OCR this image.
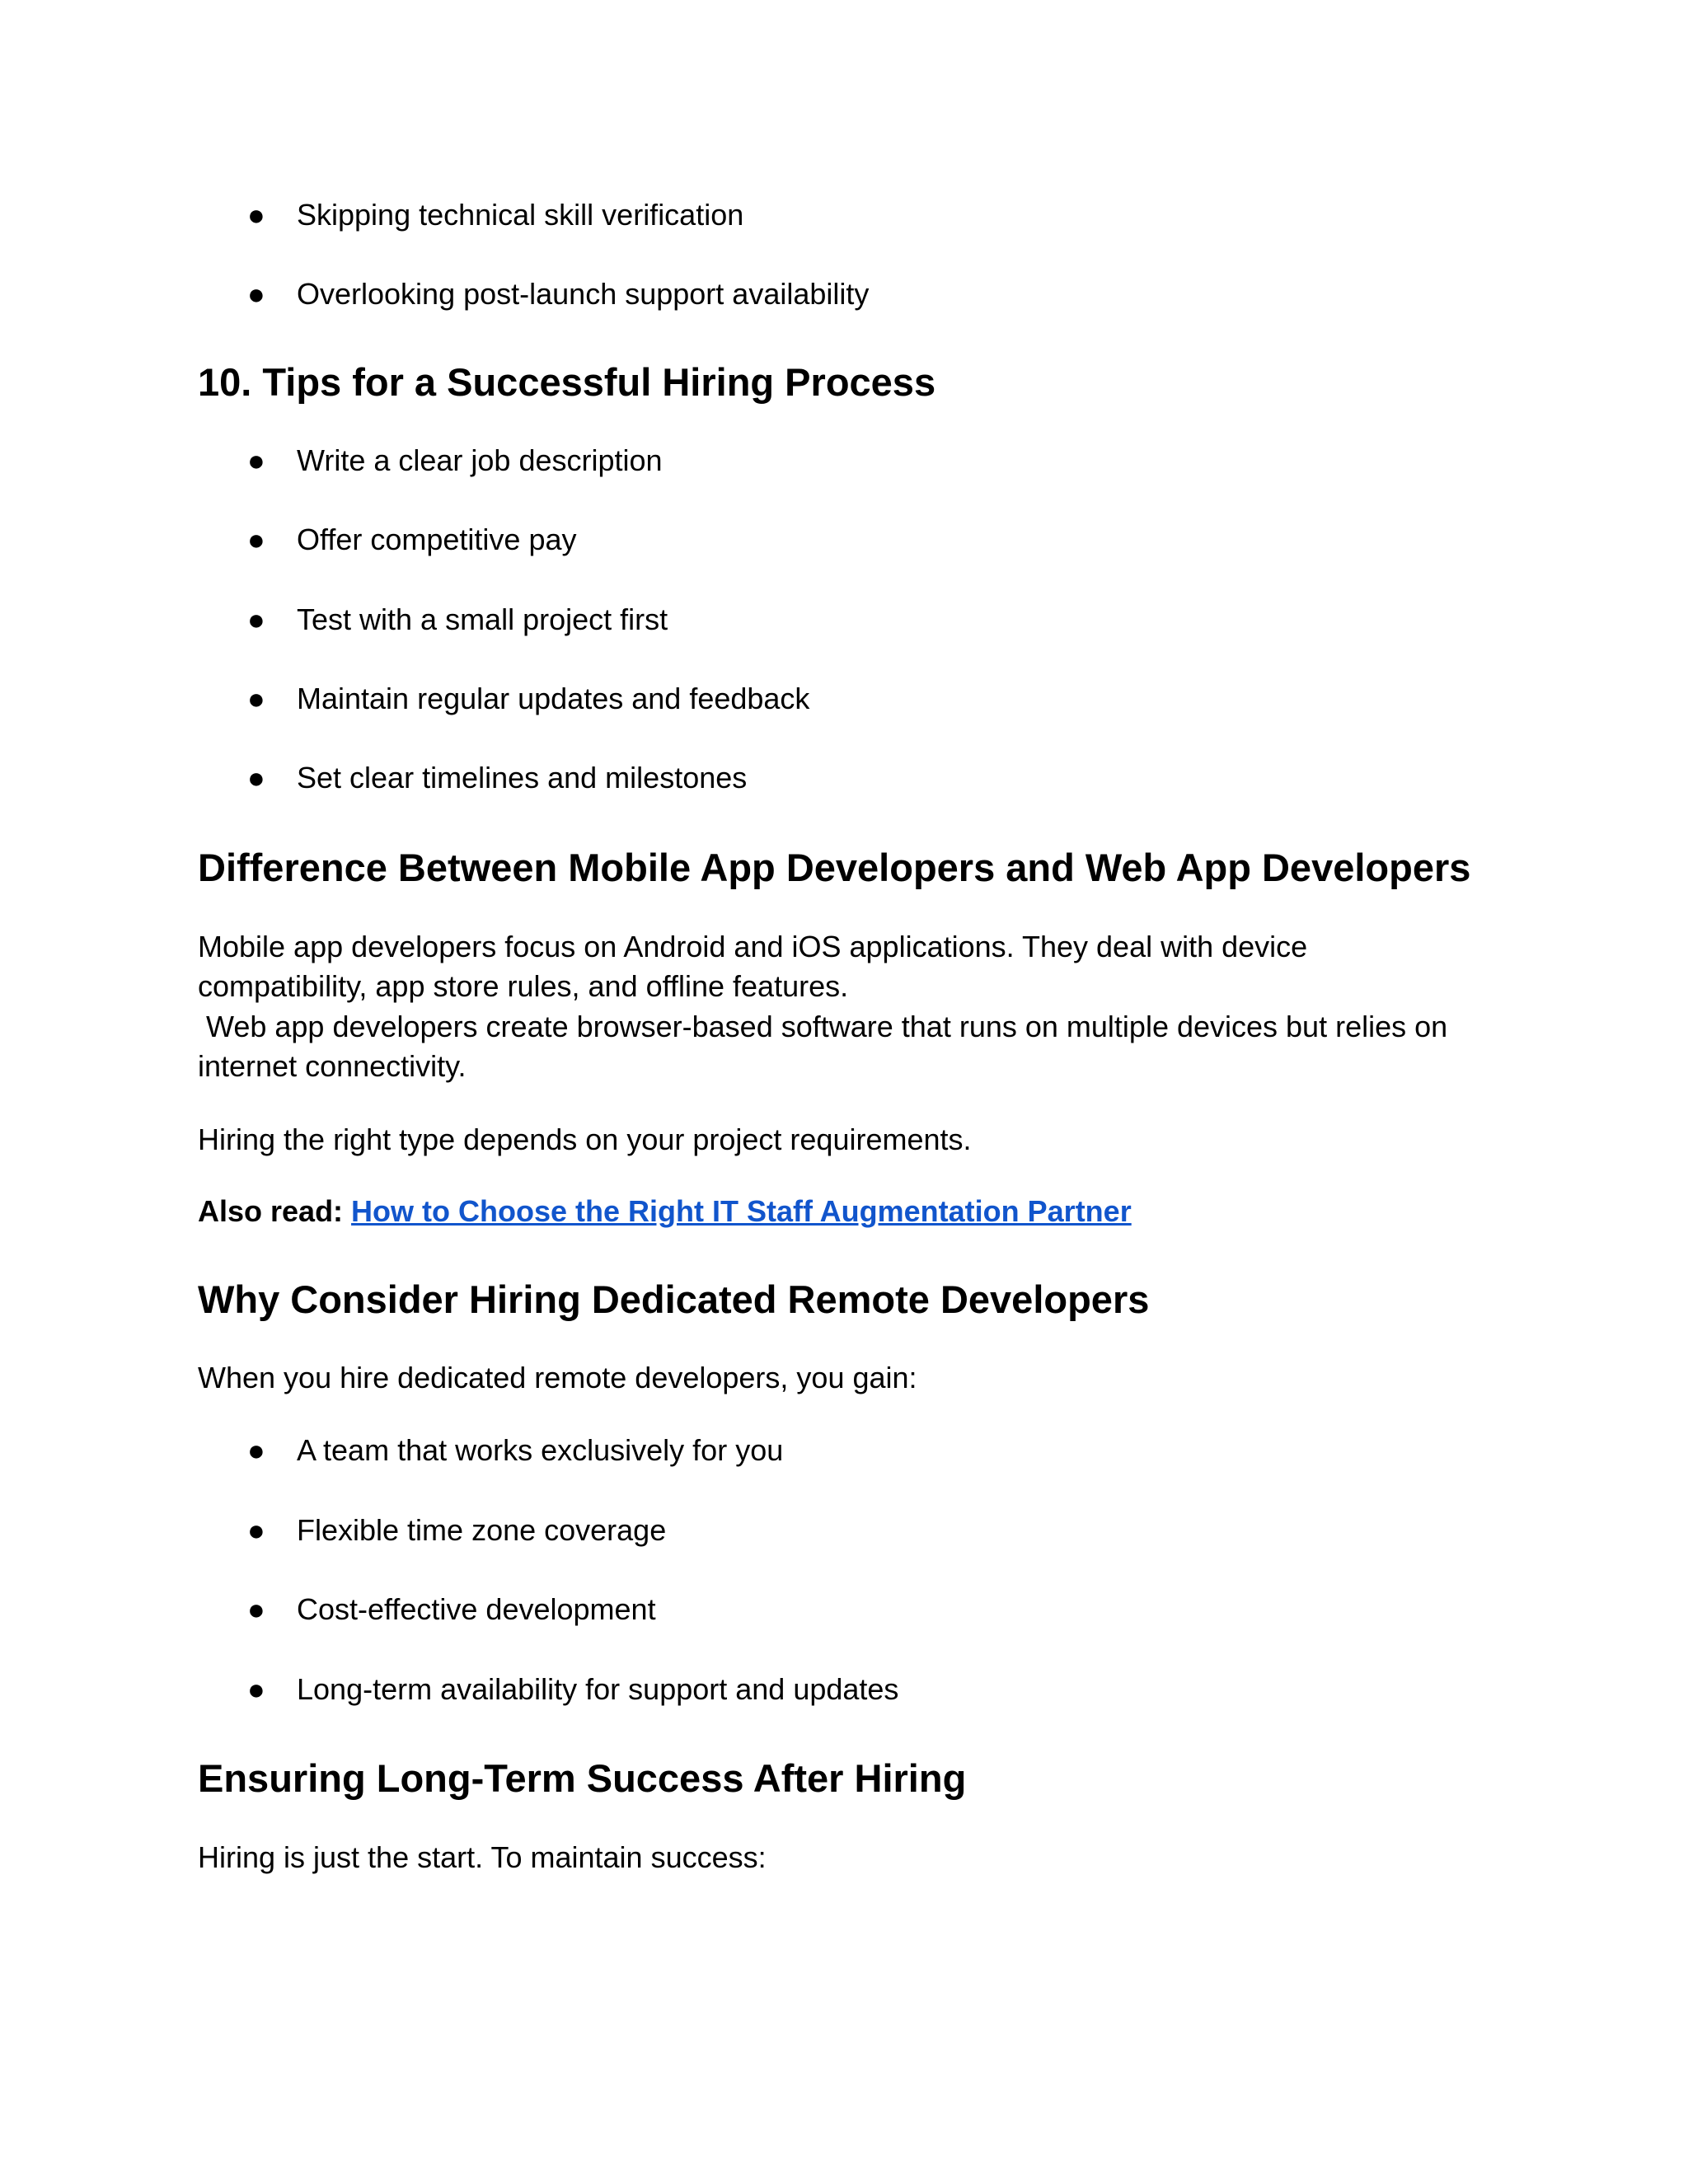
● Skipping technical skill verification
● Overlooking post-launch support availability
10. Tips for a Successful Hiring Process
● Write a clear job description
● Offer competitive pay
● Test with a small project first
● Maintain regular updates and feedback
● Set clear timelines and milestones
Difference Between Mobile App Developers and Web App Developers
Mobile app developers focus on Android and iOS applications. They deal with device
compatibility, app store rules, and offline features.
Web app developers create browser-based software that runs on multiple devices but relies on
internet connectivity.
Hiring the right type depends on your project requirements.
Also read: How to Choose the Right IT Staff Augmentation Partner
Why Consider Hiring Dedicated Remote Developers
When you hire dedicated remote developers, you gain:
● A team that works exclusively for you
● Flexible time zone coverage
● Cost-effective development
● Long-term availability for support and updates
Ensuring Long-Term Success After Hiring
Hiring is just the start. To maintain success:
